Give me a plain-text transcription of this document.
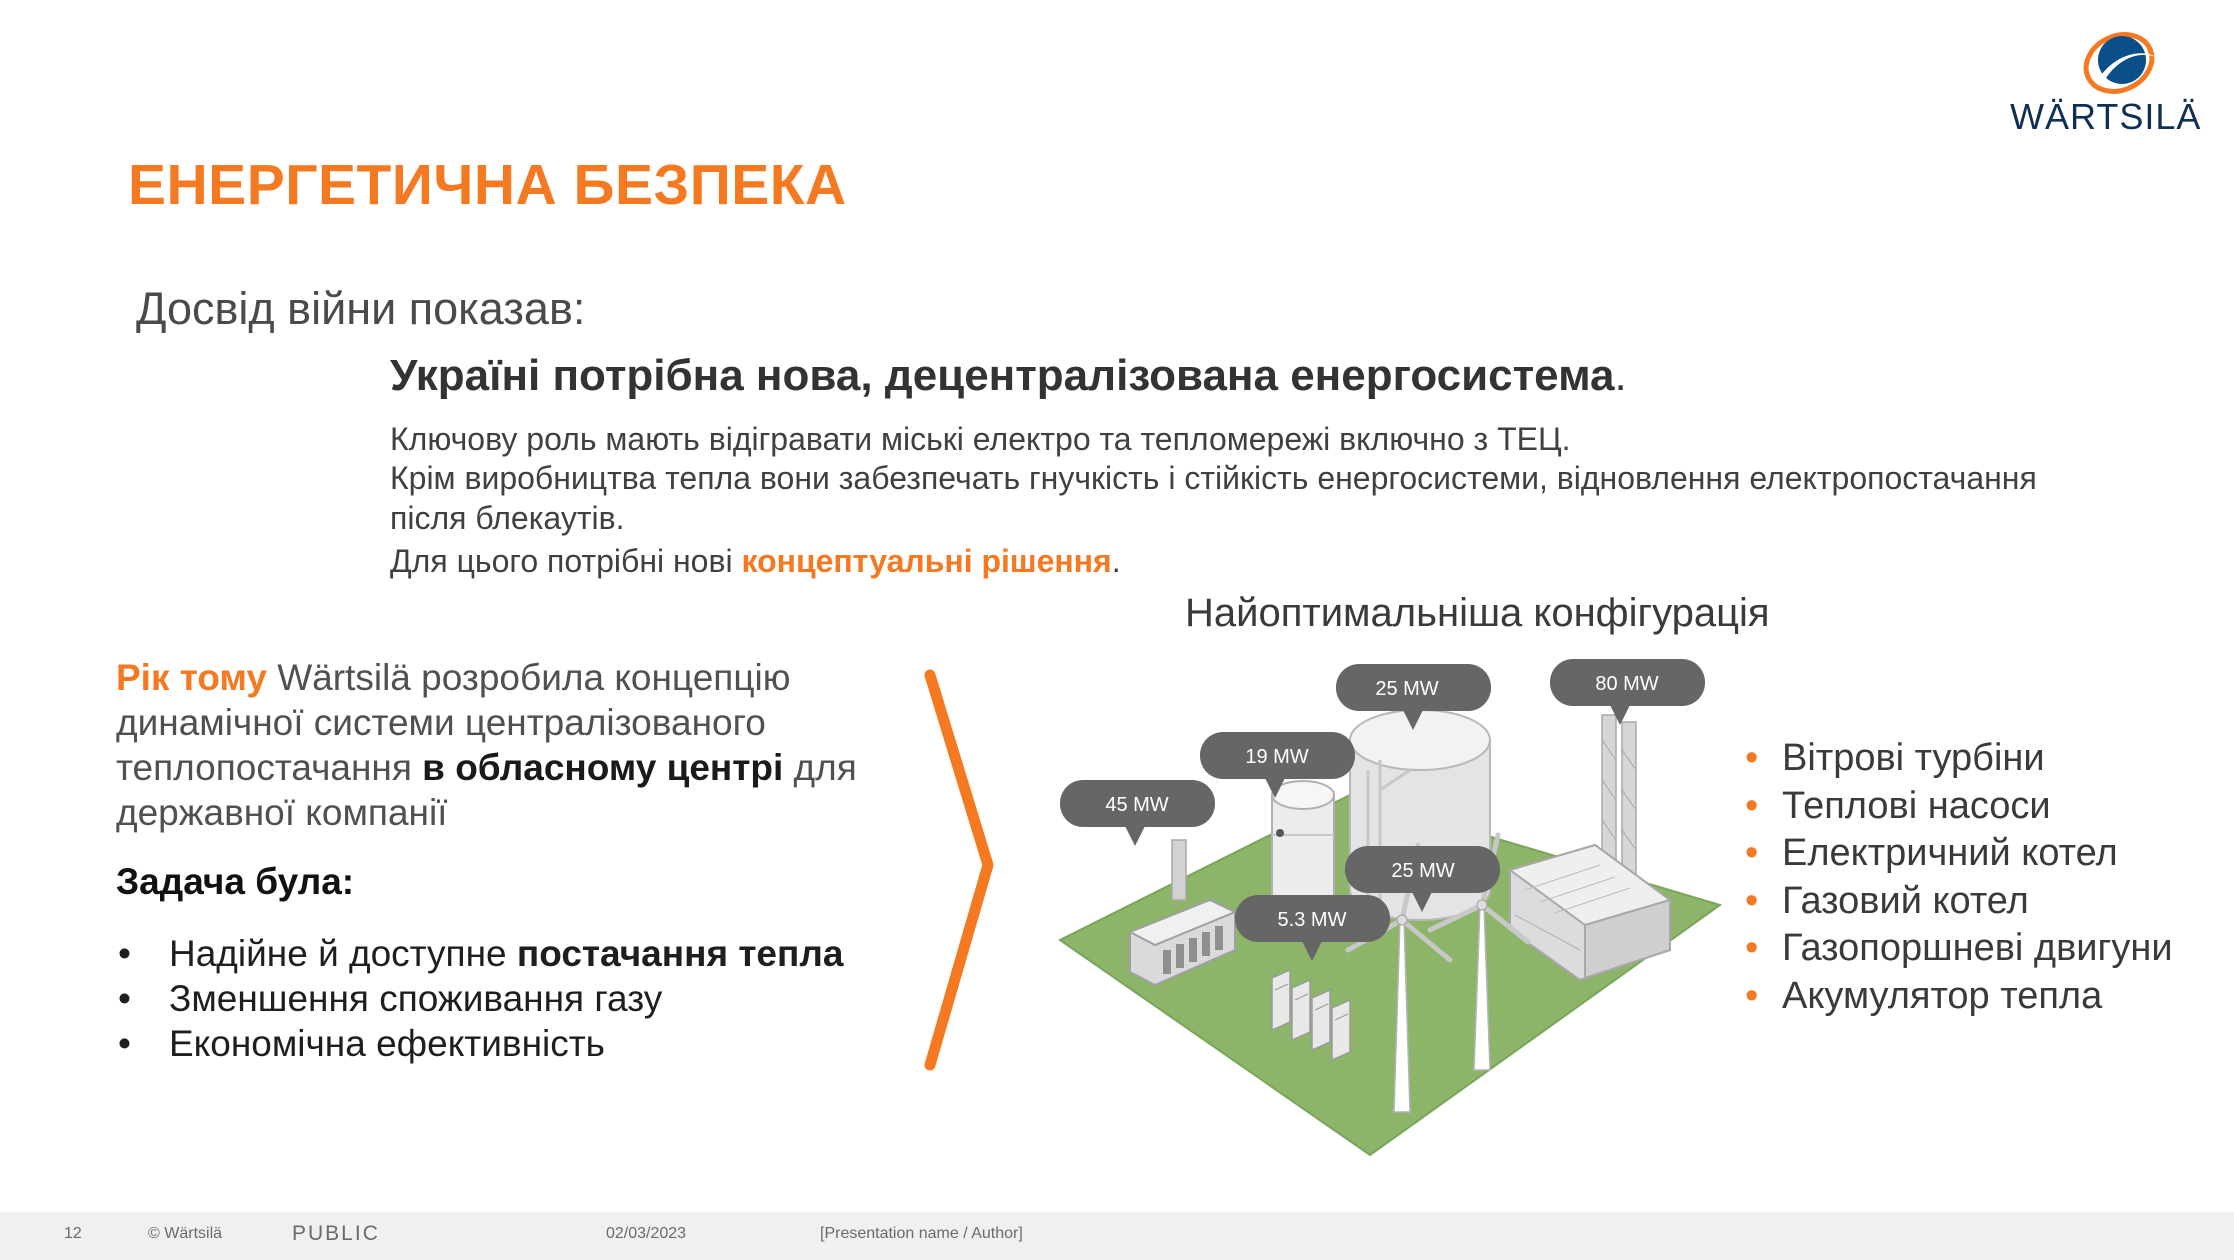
WÄRTSILÄ
ЕНЕРГЕТИЧНА БЕЗПЕКА
Досвід війни показав:
Україні потрібна нова, децентралізована енергосистема.
Ключову роль мають відігравати міські електро та тепломережі включно з ТЕЦ.
Крім виробництва тепла вони забезпечать гнучкість і стійкість енергосистеми, відновлення електропостачання після блекаутів.
Для цього потрібні нові концептуальні рішення.
Рік тому Wärtsilä розробила концепцію динамічної системи централізованого теплопостачання в обласному центрі для державної компанії
Задача була:
• Надійне й доступне постачання тепла
• Зменшення споживання газу
• Економічна ефективність
Найоптимальніша конфігурація
45 MW
19 MW
25 MW	80 MW
5.3 MW
25 MW
• Вітрові турбіни
• Теплові насоси
• Електричний котел
• Газовий котел
• Газопоршневі двигуни
• Акумулятор тепла
12	© Wärtsilä	PUBLIC	02/03/2023	[Presentation name / Author]
